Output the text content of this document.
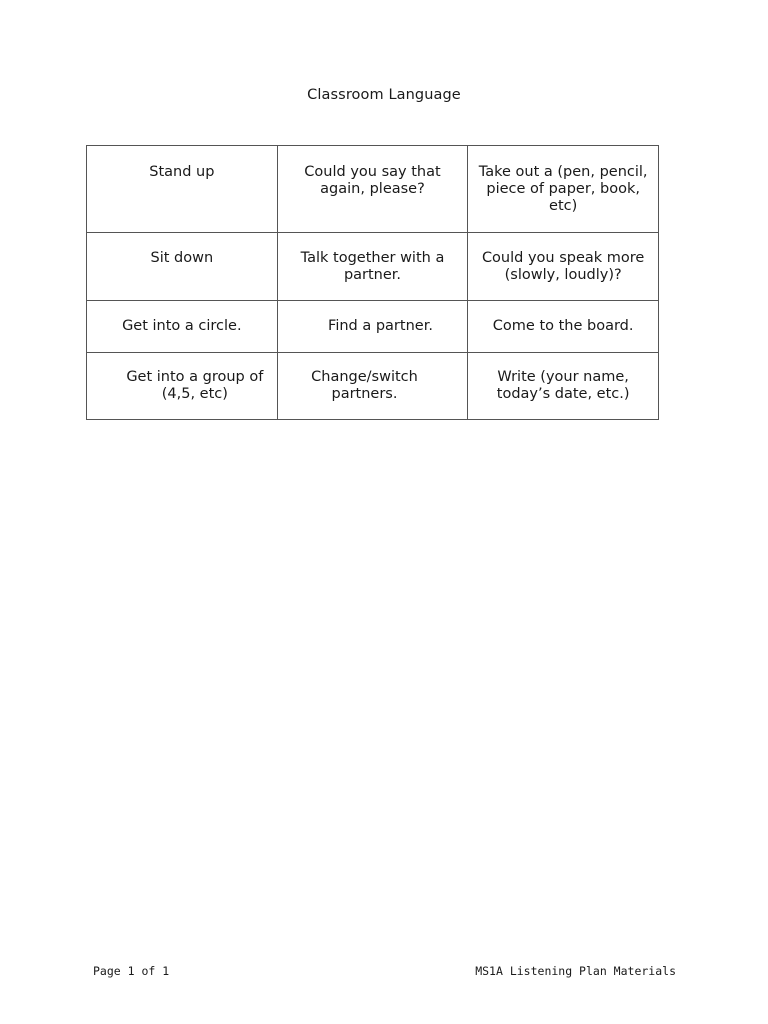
Classroom Language
Stand up	Could you say that again, please?	Take out a (pen, pencil, piece of paper, book, etc)
Sit down	Talk together with a partner.	Could you speak more (slowly, loudly)?
Get into a circle.	Find a partner.	Come to the board.
Get into a group of (4,5, etc)	Change/switch partners.	Write (your name, today’s date, etc.)
Page 1 of 1	MS1A Listening Plan Materials
